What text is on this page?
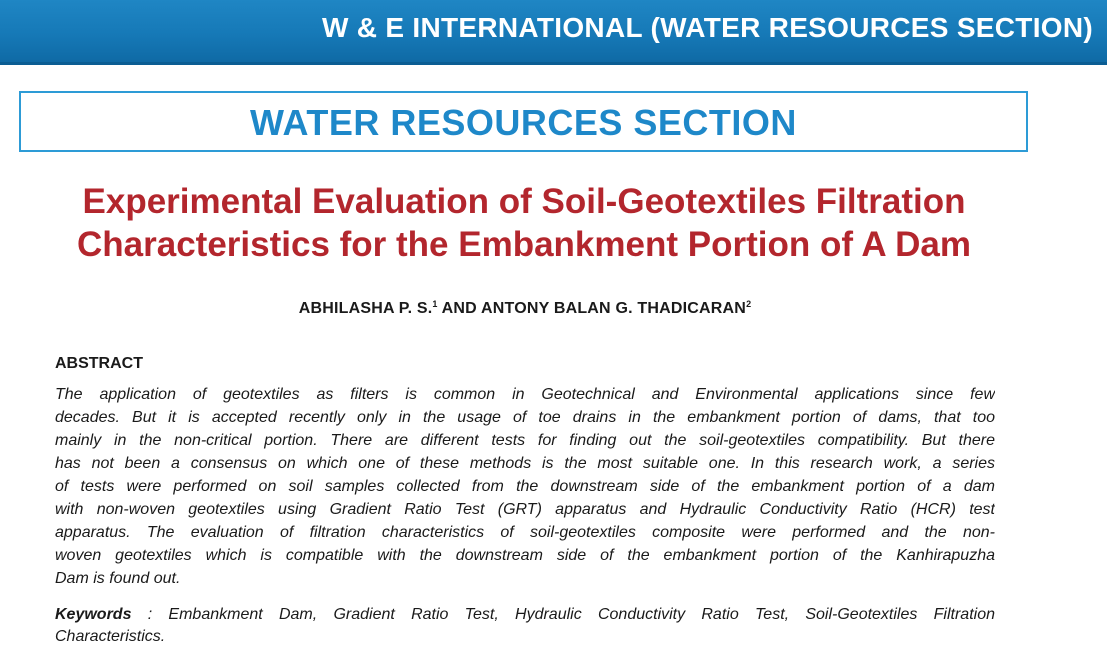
W & E INTERNATIONAL (WATER RESOURCES SECTION)
WATER RESOURCES SECTION
Experimental Evaluation of Soil-Geotextiles Filtration
Characteristics for the Embankment Portion of A Dam
ABHILASHA P. S.$^1$ AND ANTONY BALAN G. THADICARAN$^2$
ABSTRACT
The application of geotextiles as filters is common in Geotechnical and Environmental applications since few
decades. But it is accepted recently only in the usage of toe drains in the embankment portion of dams, that too
mainly in the non-critical portion. There are different tests for finding out the soil-geotextiles compatibility. But there
has not been a consensus on which one of these methods is the most suitable one. In this research work, a series
of tests were performed on soil samples collected from the downstream side of the embankment portion of a dam
with non-woven geotextiles using Gradient Ratio Test (GRT) apparatus and Hydraulic Conductivity Ratio (HCR) test
apparatus. The evaluation of filtration characteristics of soil-geotextiles composite were performed and the non-
woven geotextiles which is compatible with the downstream side of the embankment portion of the Kanhirapuzha
Dam is found out.
Keywords : Embankment Dam, Gradient Ratio Test, Hydraulic Conductivity Ratio Test, Soil-Geotextiles Filtration
Characteristics.
